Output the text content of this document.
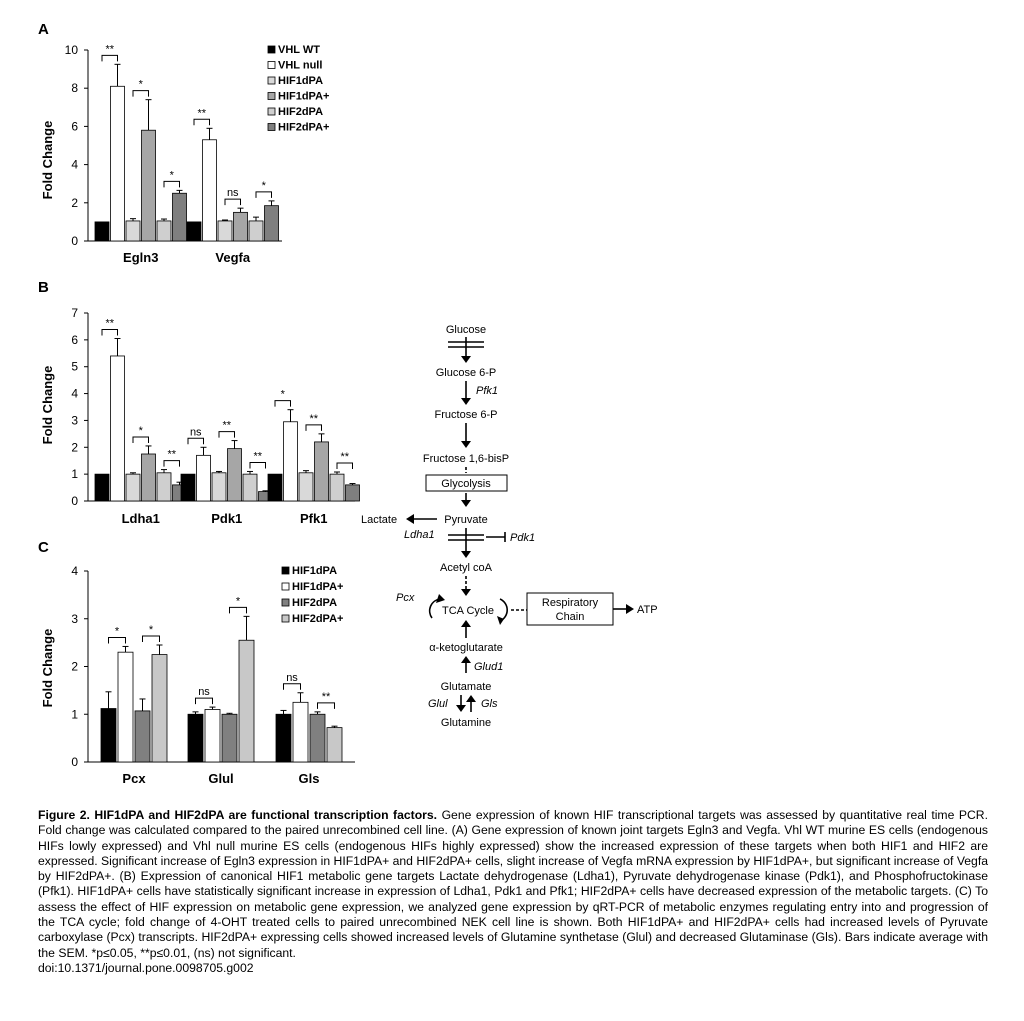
A
B
C
0
2
4
6
8
10
Fold Change
Egln3
**
*
*
Vegfa
**
ns
*
VHL WT
VHL null
HIF1dPA
HIF1dPA+
HIF2dPA
HIF2dPA+
0
1
2
3
4
5
6
7
Fold Change
Ldha1
**
*
**
Pdk1
ns
**
**
Pfk1
*
**
**
0
1
2
3
4
Fold Change
Pcx
*	*
Glul
ns
*
Gls
ns
**
HIF1dPA
HIF1dPA+
HIF2dPA
HIF2dPA+
Glucose
Glucose 6-P
Pfk1
Fructose 6-P
Fructose 1,6-bisP
Glycolysis
Pyruvate
Lactate
Ldha1	Pdk1
Acetyl coA
Pcx
TCA Cycle
Respiratory
Chain
ATP
α-ketoglutarate
Glud1
Glutamate
Glul	Gls
Glutamine
Figure 2. HIF1dPA and HIF2dPA are functional transcription factors. Gene expression of known HIF transcriptional targets was assessed by quantitative real time PCR. Fold change was calculated compared to the paired unrecombined cell line. (A) Gene expression of known joint targets Egln3 and Vegfa. Vhl WT murine ES cells (endogenous HIFs lowly expressed) and Vhl null murine ES cells (endogenous HIFs highly expressed) show the increased expression of these targets when both HIF1 and HIF2 are expressed. Significant increase of Egln3 expression in HIF1dPA+ and HIF2dPA+ cells, slight increase of Vegfa mRNA expression by HIF1dPA+, but significant increase of Vegfa by HIF2dPA+. (B) Expression of canonical HIF1 metabolic gene targets Lactate dehydrogenase (Ldha1), Pyruvate dehydrogenase kinase (Pdk1), and Phosphofructokinase (Pfk1). HIF1dPA+ cells have statistically significant increase in expression of Ldha1, Pdk1 and Pfk1; HIF2dPA+ cells have decreased expression of the metabolic targets. (C) To assess the effect of HIF expression on metabolic gene expression, we analyzed gene expression by qRT-PCR of metabolic enzymes regulating entry into and progression of the TCA cycle; fold change of 4-OHT treated cells to paired unrecombined NEK cell line is shown. Both HIF1dPA+ and HIF2dPA+ cells had increased levels of Pyruvate carboxylase (Pcx) transcripts. HIF2dPA+ expressing cells showed increased levels of Glutamine synthetase (Glul) and decreased Glutaminase (Gls). Bars indicate average with the SEM. *p≤0.05, **p≤0.01, (ns) not significant.
doi:10.1371/journal.pone.0098705.g002
